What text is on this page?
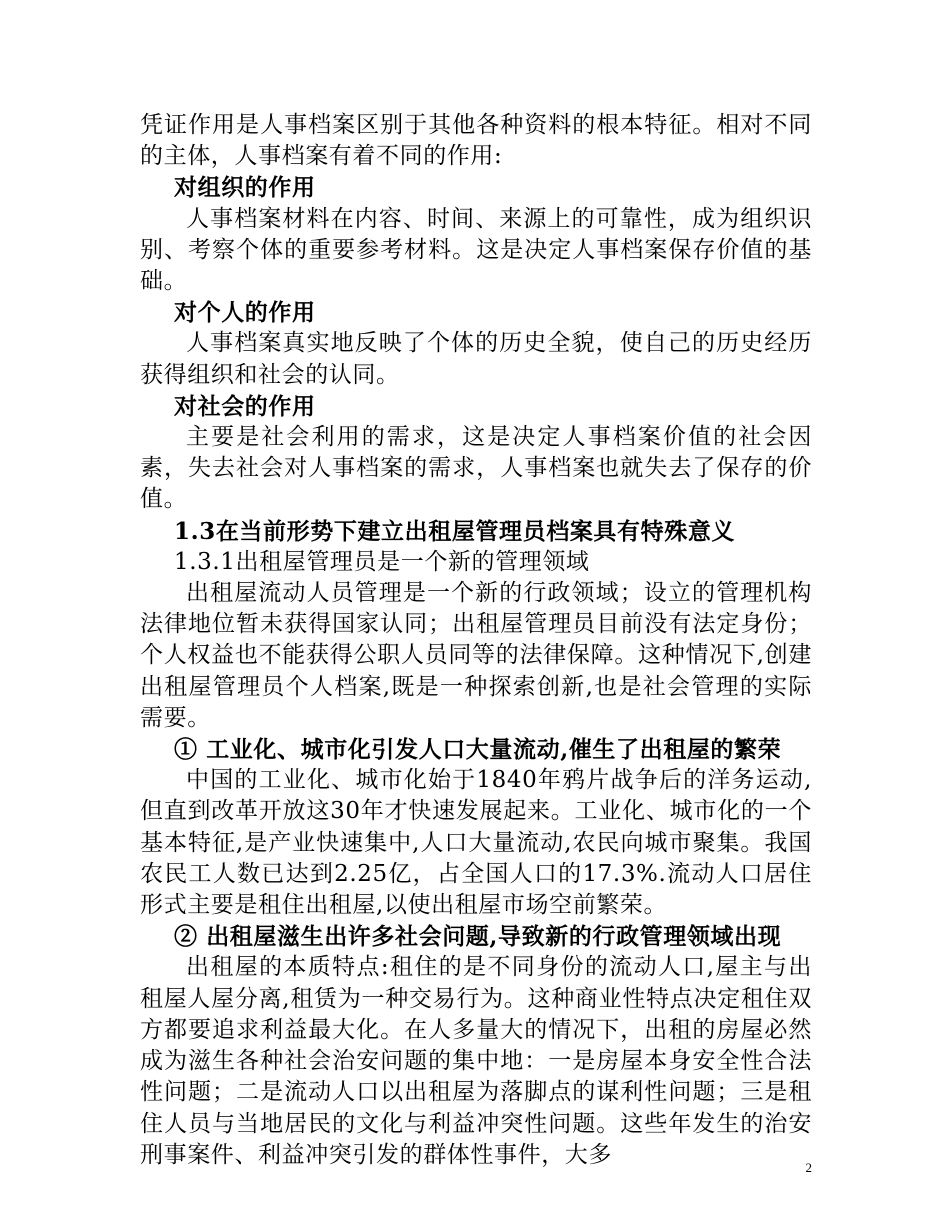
凭证作用是人事档案区别于其他各种资料的根本特征。相对不同的主体，人事档案有着不同的作用:

对组织的作用

人事档案材料在内容、时间、来源上的可靠性，成为组织识别、考察个体的重要参考材料。这是决定人事档案保存价值的基础。

对个人的作用

人事档案真实地反映了个体的历史全貌，使自己的历史经历获得组织和社会的认同。

对社会的作用

主要是社会利用的需求，这是决定人事档案价值的社会因素，失去社会对人事档案的需求，人事档案也就失去了保存的价值。

1.3在当前形势下建立出租屋管理员档案具有特殊意义

1.3.1出租屋管理员是一个新的管理领域

出租屋流动人员管理是一个新的行政领域；设立的管理机构法律地位暂未获得国家认同；出租屋管理员目前没有法定身份；个人权益也不能获得公职人员同等的法律保障。这种情况下,创建出租屋管理员个人档案,既是一种探索创新,也是社会管理的实际需要。

① 工业化、城市化引发人口大量流动,催生了出租屋的繁荣

中国的工业化、城市化始于1840年鸦片战争后的洋务运动,但直到改革开放这30年才快速发展起来。工业化、城市化的一个基本特征,是产业快速集中,人口大量流动,农民向城市聚集。我国农民工人数已达到2.25亿，占全国人口的17.3%.流动人口居住形式主要是租住出租屋,以使出租屋市场空前繁荣。

② 出租屋滋生出许多社会问题,导致新的行政管理领域出现

出租屋的本质特点:租住的是不同身份的流动人口,屋主与出租屋人屋分离,租赁为一种交易行为。这种商业性特点决定租住双方都要追求利益最大化。在人多量大的情况下，出租的房屋必然成为滋生各种社会治安问题的集中地：一是房屋本身安全性合法性问题；二是流动人口以出租屋为落脚点的谋利性问题；三是租住人员与当地居民的文化与利益冲突性问题。这些年发生的治安刑事案件、利益冲突引发的群体性事件，大多	2
